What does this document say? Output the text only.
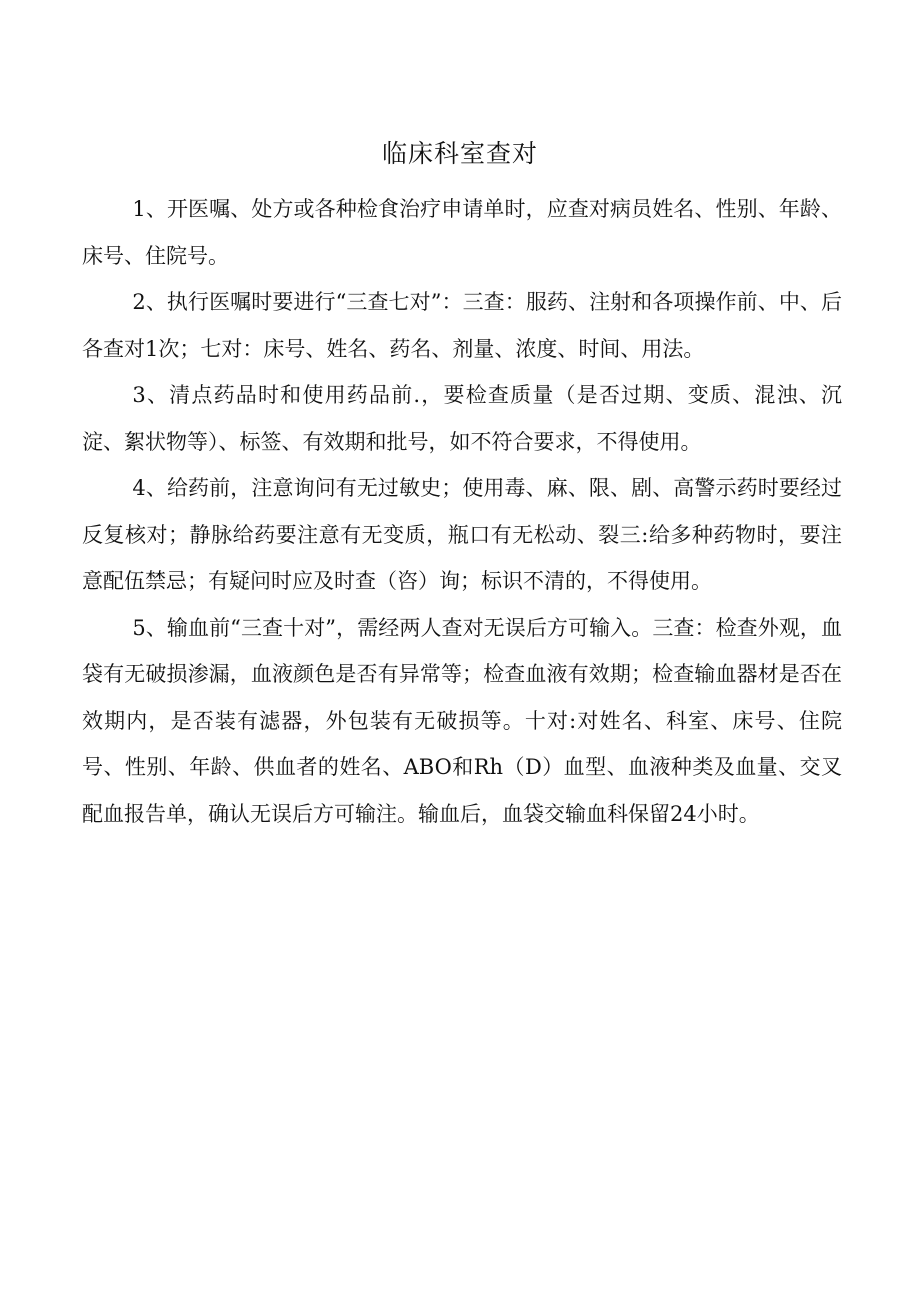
临床科室查对

1、开医嘱、处方或各种检食治疗申请单时，应查对病员姓名、性别、年龄、床号、住院号。

2、执行医嘱时要进行“三查七对”：三查：服药、注射和各项操作前、中、后各查对1次；七对：床号、姓名、药名、剂量、浓度、时间、用法。

3、清点药品时和使用药品前.，要检查质量（是否过期、变质、混浊、沉淀、絮状物等）、标签、有效期和批号，如不符合要求，不得使用。

4、给药前，注意询问有无过敏史；使用毒、麻、限、剧、高警示药时要经过反复核对；静脉给药要注意有无变质，瓶口有无松动、裂三:给多种药物时，要注意配伍禁忌；有疑问时应及时查（咨）询；标识不清的，不得使用。

5、输血前“三查十对”，需经两人查对无误后方可输入。三查：检查外观，血袋有无破损渗漏，血液颜色是否有异常等；检查血液有效期；检查输血器材是否在效期内，是否装有滤器，外包装有无破损等。十对:对姓名、科室、床号、住院号、性别、年龄、供血者的姓名、ABO和Rh（D）血型、血液种类及血量、交叉配血报告单，确认无误后方可输注。输血后，血袋交输血科保留24小时。
